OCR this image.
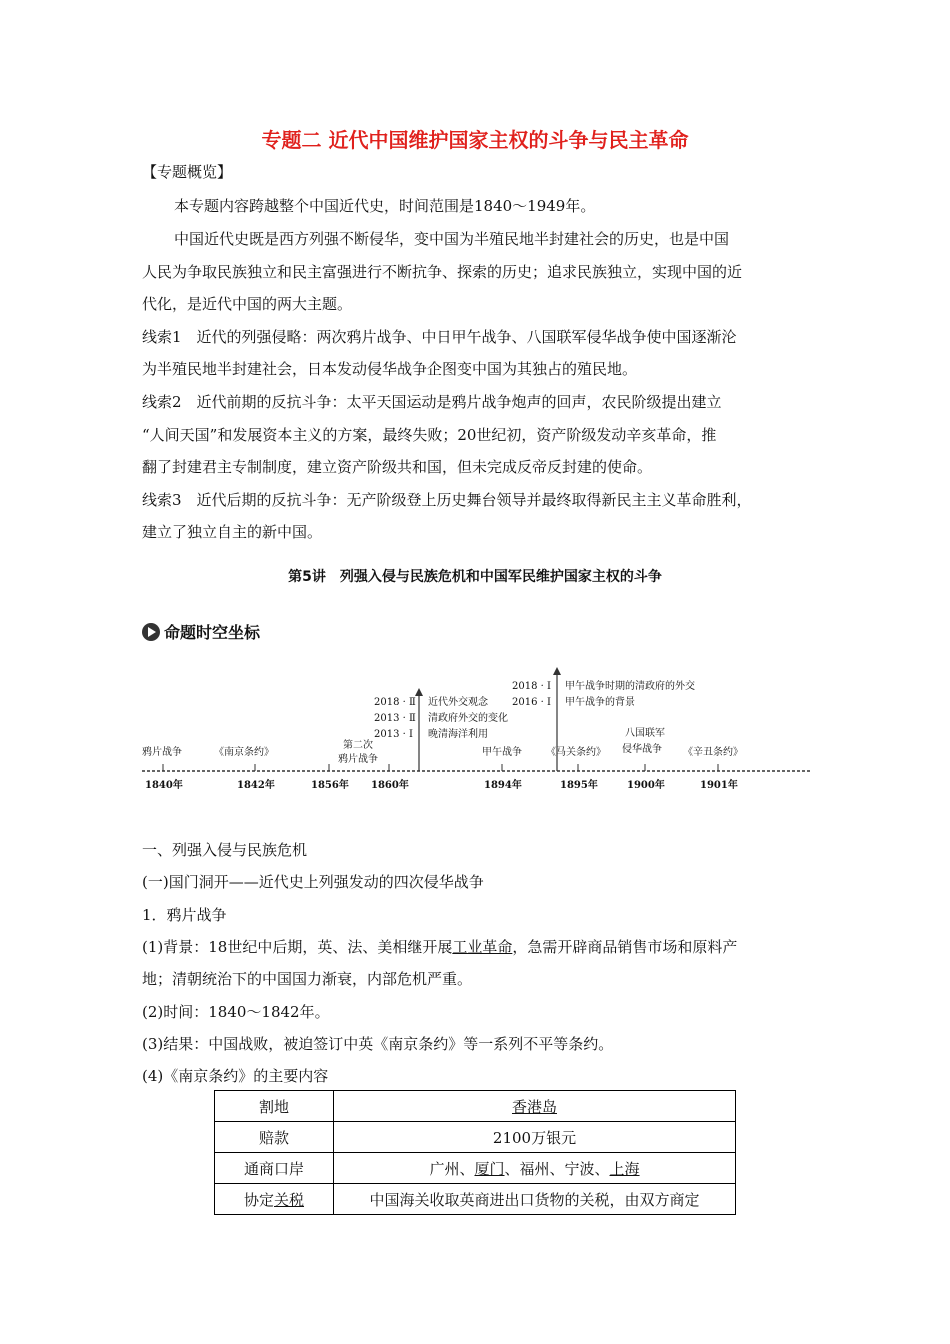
专题二 近代中国维护国家主权的斗争与民主革命
【专题概览】
本专题内容跨越整个中国近代史，时间范围是1840～1949年。
中国近代史既是西方列强不断侵华，变中国为半殖民地半封建社会的历史，也是中国
人民为争取民族独立和民主富强进行不断抗争、探索的历史；追求民族独立，实现中国的近
代化，是近代中国的两大主题。
线索1　近代的列强侵略：两次鸦片战争、中日甲午战争、八国联军侵华战争使中国逐渐沦
为半殖民地半封建社会，日本发动侵华战争企图变中国为其独占的殖民地。
线索2　近代前期的反抗斗争：太平天国运动是鸦片战争炮声的回声，农民阶级提出建立
“人间天国”和发展资本主义的方案，最终失败；20世纪初，资产阶级发动辛亥革命，推
翻了封建君主专制制度，建立资产阶级共和国，但未完成反帝反封建的使命。
线索3　近代后期的反抗斗争：无产阶级登上历史舞台领导并最终取得新民主主义革命胜利，
建立了独立自主的新中国。
第5讲　列强入侵与民族危机和中国军民维护国家主权的斗争
命题时空坐标
鸦片战争	《南京条约》
第二次
鸦片战争
甲午战争 《马关条约》
八国联军
侵华战争 《辛丑条约》
1840年	1842年	1856年 1860年	1894年	1895年	1900年	1901年
2018 · Ⅱ
2013 · Ⅱ
2013 · Ⅰ
近代外交观念
清政府外交的变化
晚清海洋利用
2018 · Ⅰ
2016 · Ⅰ
甲午战争时期的清政府的外交
甲午战争的背景
一、列强入侵与民族危机
(一)国门洞开——近代史上列强发动的四次侵华战争
1．鸦片战争
(1)背景：18世纪中后期，英、法、美相继开展工业革命，急需开辟商品销售市场和原料产
地；清朝统治下的中国国力渐衰，内部危机严重。
(2)时间：1840～1842年。
(3)结果：中国战败，被迫签订中英《南京条约》等一系列不平等条约。
(4)《南京条约》的主要内容
割地	香港岛
赔款	2100万银元
通商口岸	广州、厦门、福州、宁波、上海
协定关税	中国海关收取英商进出口货物的关税，由双方商定
